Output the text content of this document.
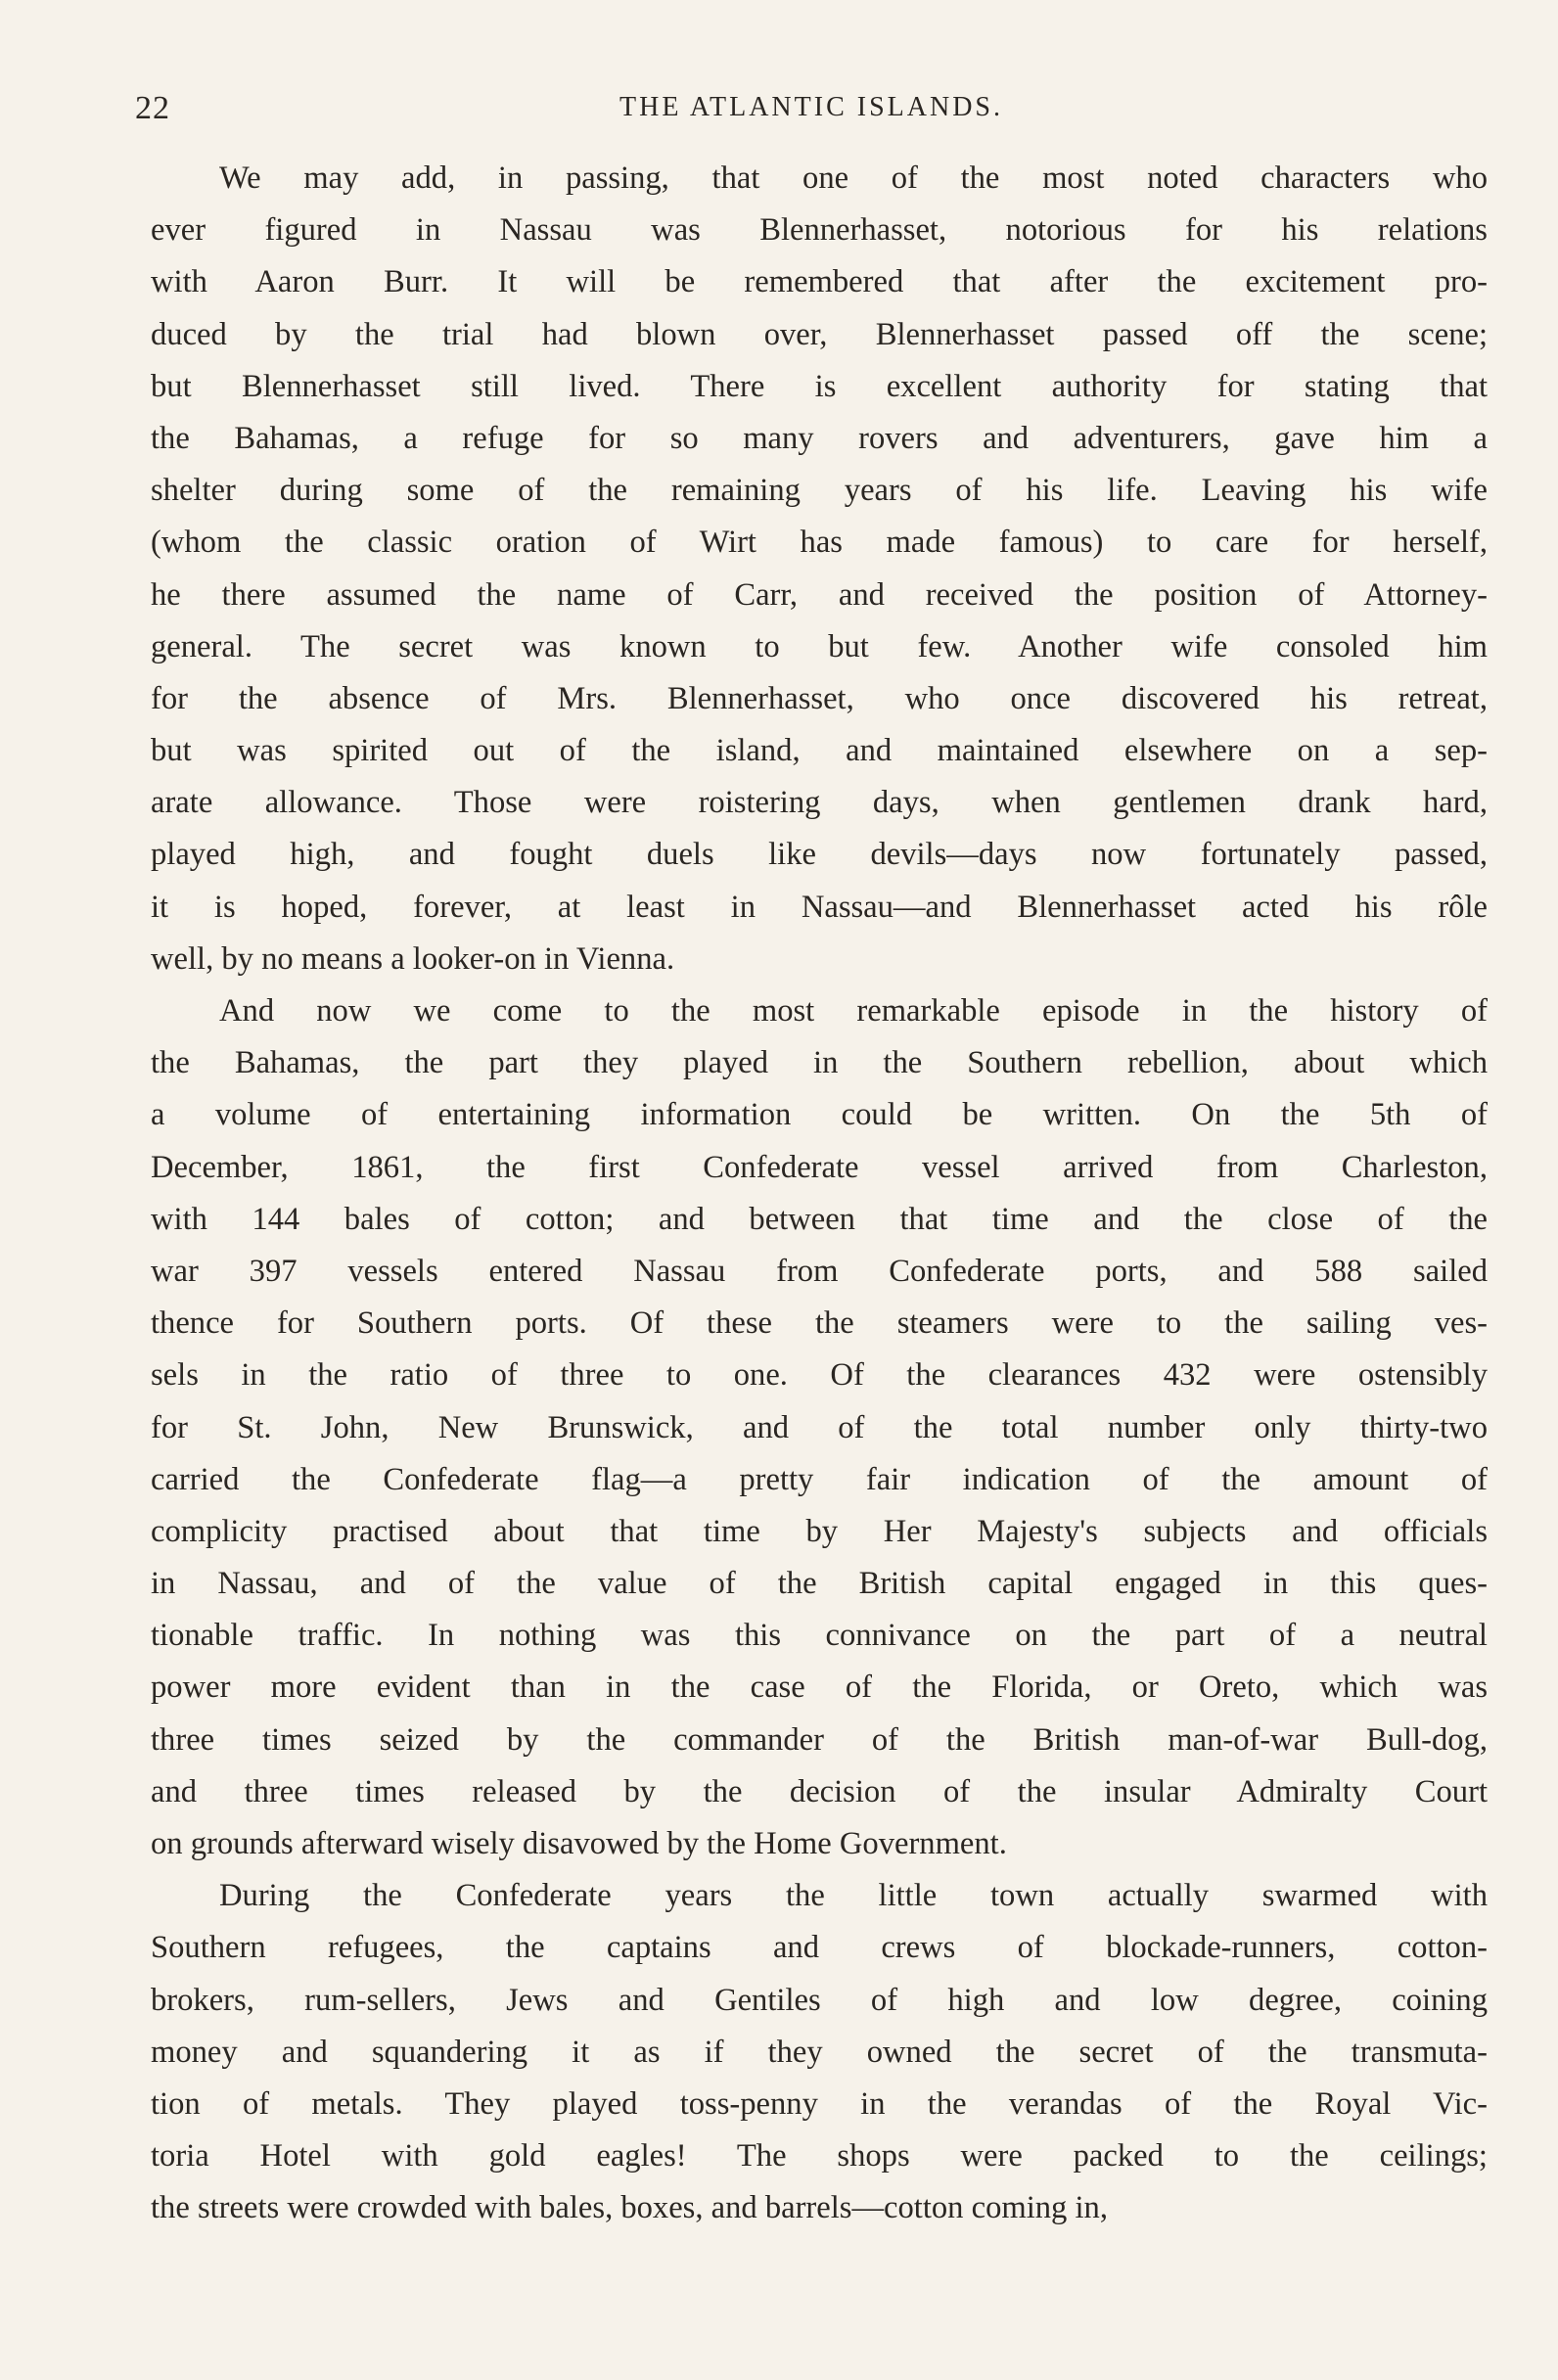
22	THE ATLANTIC ISLANDS.
We may add, in passing, that one of the most noted characters who
ever figured in Nassau was Blennerhasset, notorious for his relations
with Aaron Burr. It will be remembered that after the excitement pro-
duced by the trial had blown over, Blennerhasset passed off the scene;
but Blennerhasset still lived. There is excellent authority for stating that
the Bahamas, a refuge for so many rovers and adventurers, gave him a
shelter during some of the remaining years of his life. Leaving his wife
(whom the classic oration of Wirt has made famous) to care for herself,
he there assumed the name of Carr, and received the position of Attorney-
general. The secret was known to but few. Another wife consoled him
for the absence of Mrs. Blennerhasset, who once discovered his retreat,
but was spirited out of the island, and maintained elsewhere on a sep-
arate allowance. Those were roistering days, when gentlemen drank hard,
played high, and fought duels like devils—days now fortunately passed,
it is hoped, forever, at least in Nassau—and Blennerhasset acted his rôle
well, by no means a looker-on in Vienna.
And now we come to the most remarkable episode in the history of
the Bahamas, the part they played in the Southern rebellion, about which
a volume of entertaining information could be written. On the 5th of
December, 1861, the first Confederate vessel arrived from Charleston,
with 144 bales of cotton; and between that time and the close of the
war 397 vessels entered Nassau from Confederate ports, and 588 sailed
thence for Southern ports. Of these the steamers were to the sailing ves-
sels in the ratio of three to one. Of the clearances 432 were ostensibly
for St. John, New Brunswick, and of the total number only thirty-two
carried the Confederate flag—a pretty fair indication of the amount of
complicity practised about that time by Her Majesty's subjects and officials
in Nassau, and of the value of the British capital engaged in this ques-
tionable traffic. In nothing was this connivance on the part of a neutral
power more evident than in the case of the Florida, or Oreto, which was
three times seized by the commander of the British man-of-war Bull-dog,
and three times released by the decision of the insular Admiralty Court
on grounds afterward wisely disavowed by the Home Government.
During the Confederate years the little town actually swarmed with
Southern refugees, the captains and crews of blockade-runners, cotton-
brokers, rum-sellers, Jews and Gentiles of high and low degree, coining
money and squandering it as if they owned the secret of the transmuta-
tion of metals. They played toss-penny in the verandas of the Royal Vic-
toria Hotel with gold eagles! The shops were packed to the ceilings;
the streets were crowded with bales, boxes, and barrels—cotton coming in,
